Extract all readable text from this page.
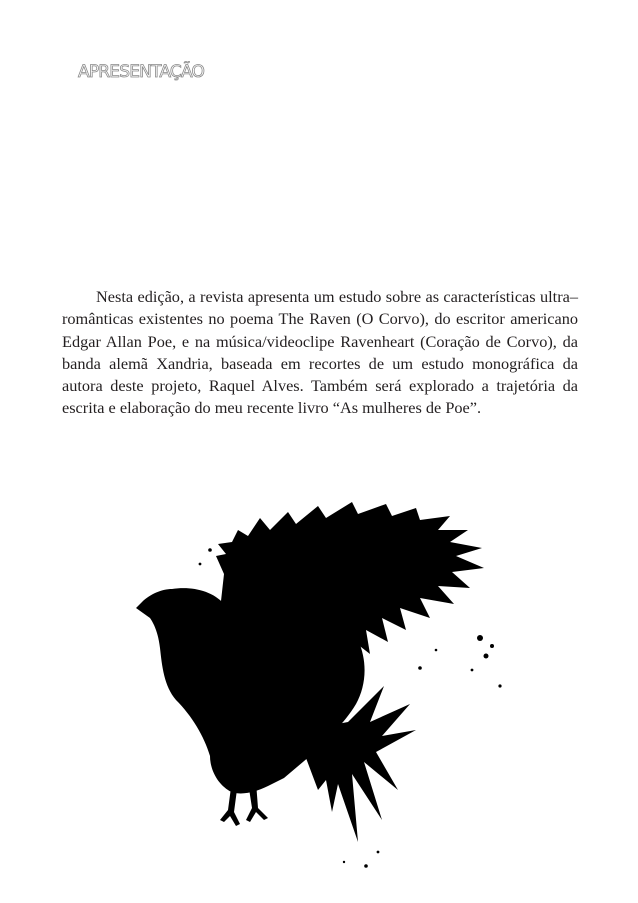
APRESENTAÇÃO

Nesta edição, a revista apresenta um estudo sobre as características ultra–românticas existentes no poema The Raven (O Corvo), do escritor americano Edgar Allan Poe, e na música/videoclipe Ravenheart (Coração de Corvo), da banda alemã Xandria, baseada em recortes de um estudo monográfica da autora deste projeto, Raquel Alves. Também será explorado a trajetória da escrita e elaboração do meu recente livro “As mulheres de Poe”.
